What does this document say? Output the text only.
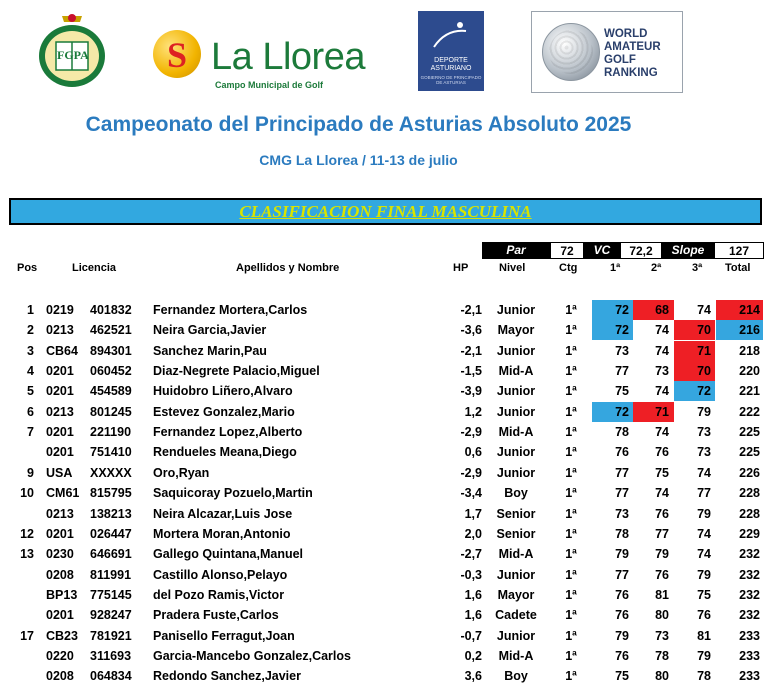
FGPA	S La Llorea
Campo Municipal de Golf
DEPORTE
ASTURIANO
GOBIERNO DE PRINCIPADO DE ASTURIAS
WORLD
AMATEUR
GOLF
RANKING
Campeonato del Principado de Asturias Absoluto 2025
CMG La Llorea / 11-13 de julio
CLASIFICACION FINAL MASCULINA
Par	72	VC	72,2	Slope	127
Pos	Licencia	Apellidos y Nombre	HP	Nivel	Ctg	1ª	2ª	3ª Total
1 0219	401832	Fernandez Mortera,Carlos	-2,1	Junior	1ª	72	68	74	214
2 0213	462521	Neira Garcia,Javier	-3,6	Mayor	1ª	72	74	70	216
3 CB64 894301	Sanchez Marin,Pau	-2,1	Junior	1ª	73	74	71	218
4 0201	060452	Diaz-Negrete Palacio,Miguel	-1,5	Mid-A	1ª	77	73	70	220
5 0201	454589	Huidobro Liñero,Alvaro	-3,9	Junior	1ª	75	74	72	221
6 0213	801245	Estevez Gonzalez,Mario	1,2	Junior	1ª	72	71	79	222
7 0201	221190	Fernandez Lopez,Alberto	-2,9	Mid-A	1ª	78	74	73	225
0201	751410	Rendueles Meana,Diego	0,6	Junior	1ª	76	76	73	225
9 USA	XXXXX	Oro,Ryan	-2,9	Junior	1ª	77	75	74	226
10 CM61 815795	Saquicoray Pozuelo,Martin	-3,4	Boy	1ª	77	74	77	228
0213	138213	Neira Alcazar,Luis Jose	1,7	Senior	1ª	73	76	79	228
12 0201	026447	Mortera Moran,Antonio	2,0	Senior	1ª	78	77	74	229
13 0230	646691	Gallego Quintana,Manuel	-2,7	Mid-A	1ª	79	79	74	232
0208	811991	Castillo Alonso,Pelayo	-0,3	Junior	1ª	77	76	79	232
BP13	775145	del Pozo Ramis,Victor	1,6	Mayor	1ª	76	81	75	232
0201	928247	Pradera Fuste,Carlos	1,6 Cadete	1ª	76	80	76	232
17 CB23 781921	Panisello Ferragut,Joan	-0,7	Junior	1ª	79	73	81	233
0220	311693	Garcia-Mancebo Gonzalez,Carlos	0,2	Mid-A	1ª	76	78	79	233
0208	064834	Redondo Sanchez,Javier	3,6	Boy	1ª	75	80	78	233
